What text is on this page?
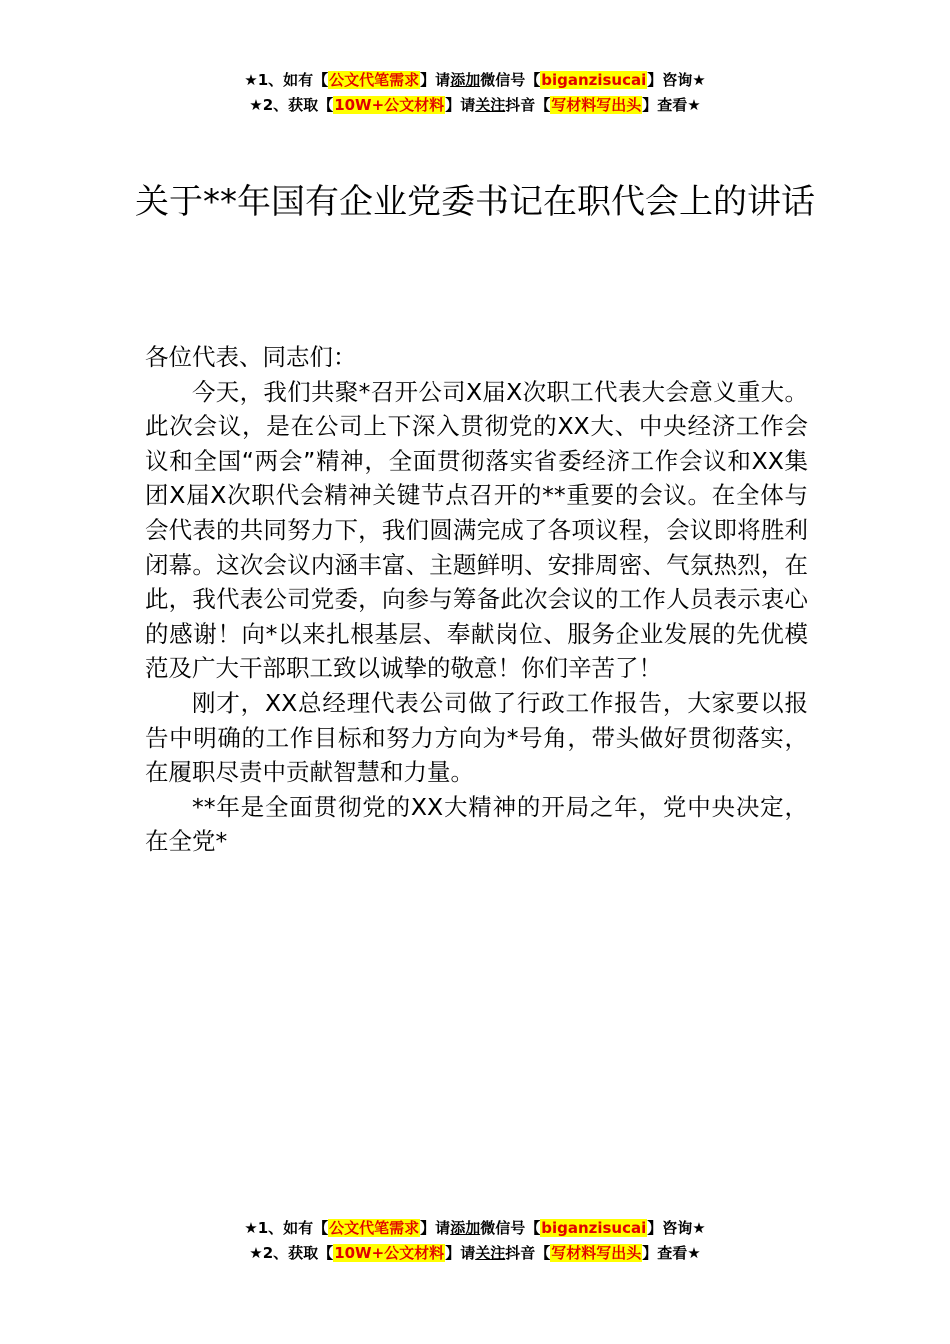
★1、如有【公文代笔需求】请添加微信号【biganzisucai】咨询★
★2、获取【10W+公文材料】请关注抖音【写材料写出头】查看★
关于**年国有企业党委书记在职代会上的讲话

各位代表、同志们：

今天，我们共聚*召开公司X届X次职工代表大会意义重大。此次会议，是在公司上下深入贯彻党的XX大、中央经济工作会议和全国“两会”精神，全面贯彻落实省委经济工作会议和XX集团X届X次职代会精神关键节点召开的**重要的会议。在全体与会代表的共同努力下，我们圆满完成了各项议程，会议即将胜利闭幕。这次会议内涵丰富、主题鲜明、安排周密、气氛热烈，在此，我代表公司党委，向参与筹备此次会议的工作人员表示衷心的感谢！向*以来扎根基层、奉献岗位、服务企业发展的先优模范及广大干部职工致以诚挚的敬意！你们辛苦了！

刚才，XX总经理代表公司做了行政工作报告，大家要以报告中明确的工作目标和努力方向为*号角，带头做好贯彻落实，在履职尽责中贡献智慧和力量。

**年是全面贯彻党的XX大精神的开局之年，党中央决定，在全党*

★1、如有【公文代笔需求】请添加微信号【biganzisucai】咨询★
★2、获取【10W+公文材料】请关注抖音【写材料写出头】查看★
